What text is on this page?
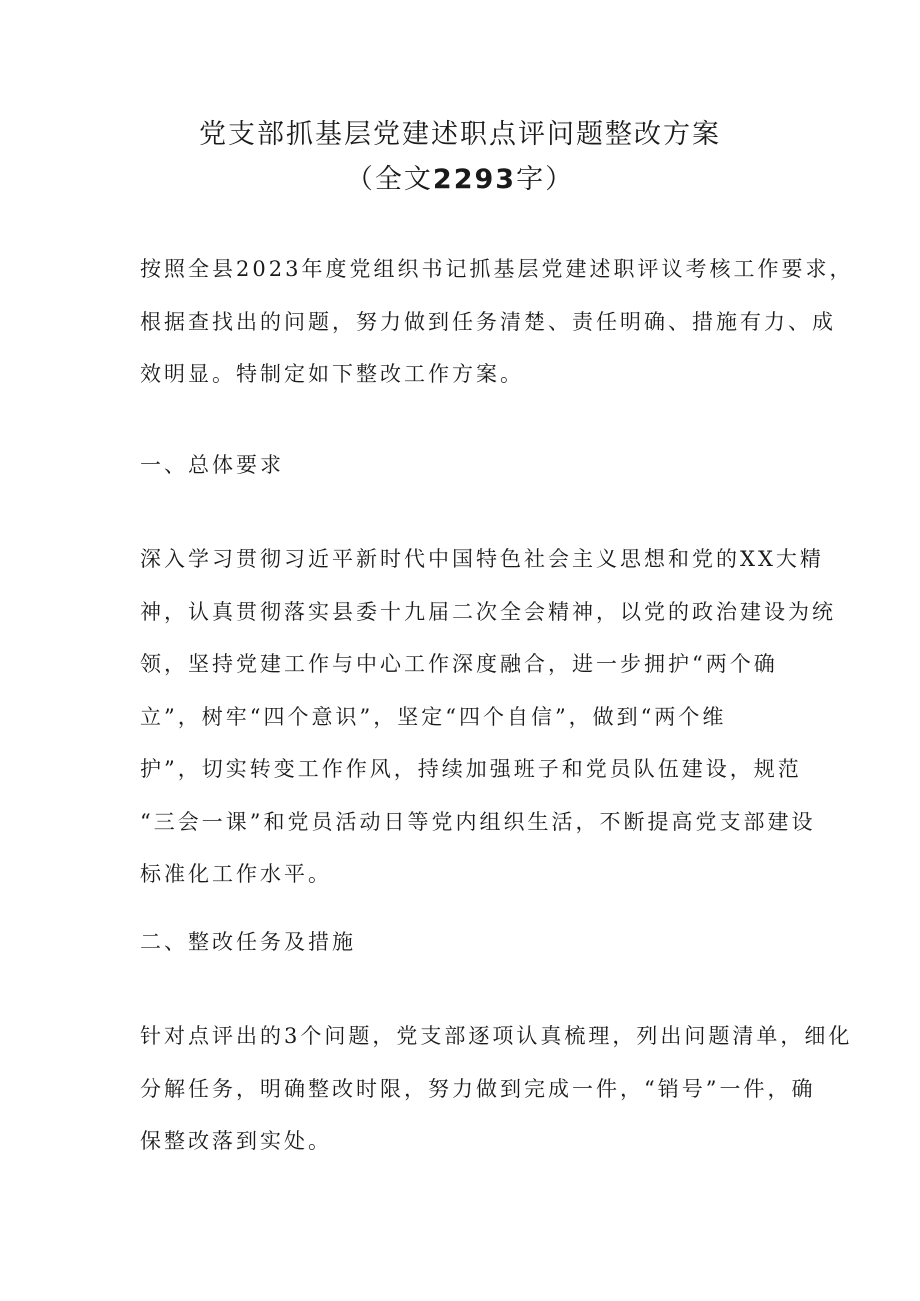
党支部抓基层党建述职点评问题整改方案
（全文2293字）
按照全县2023年度党组织书记抓基层党建述职评议考核工作要求，
根据查找出的问题，努力做到任务清楚、责任明确、措施有力、成
效明显。特制定如下整改工作方案。
一、总体要求
深入学习贯彻习近平新时代中国特色社会主义思想和党的XX大精
神，认真贯彻落实县委十九届二次全会精神，以党的政治建设为统
领，坚持党建工作与中心工作深度融合，进一步拥护“两个确
立”，树牢“四个意识”，坚定“四个自信”，做到“两个维
护”，切实转变工作作风，持续加强班子和党员队伍建设，规范
“三会一课”和党员活动日等党内组织生活，不断提高党支部建设
标准化工作水平。
二、整改任务及措施
针对点评出的3个问题，党支部逐项认真梳理，列出问题清单，细化
分解任务，明确整改时限，努力做到完成一件，“销号”一件，确
保整改落到实处。
